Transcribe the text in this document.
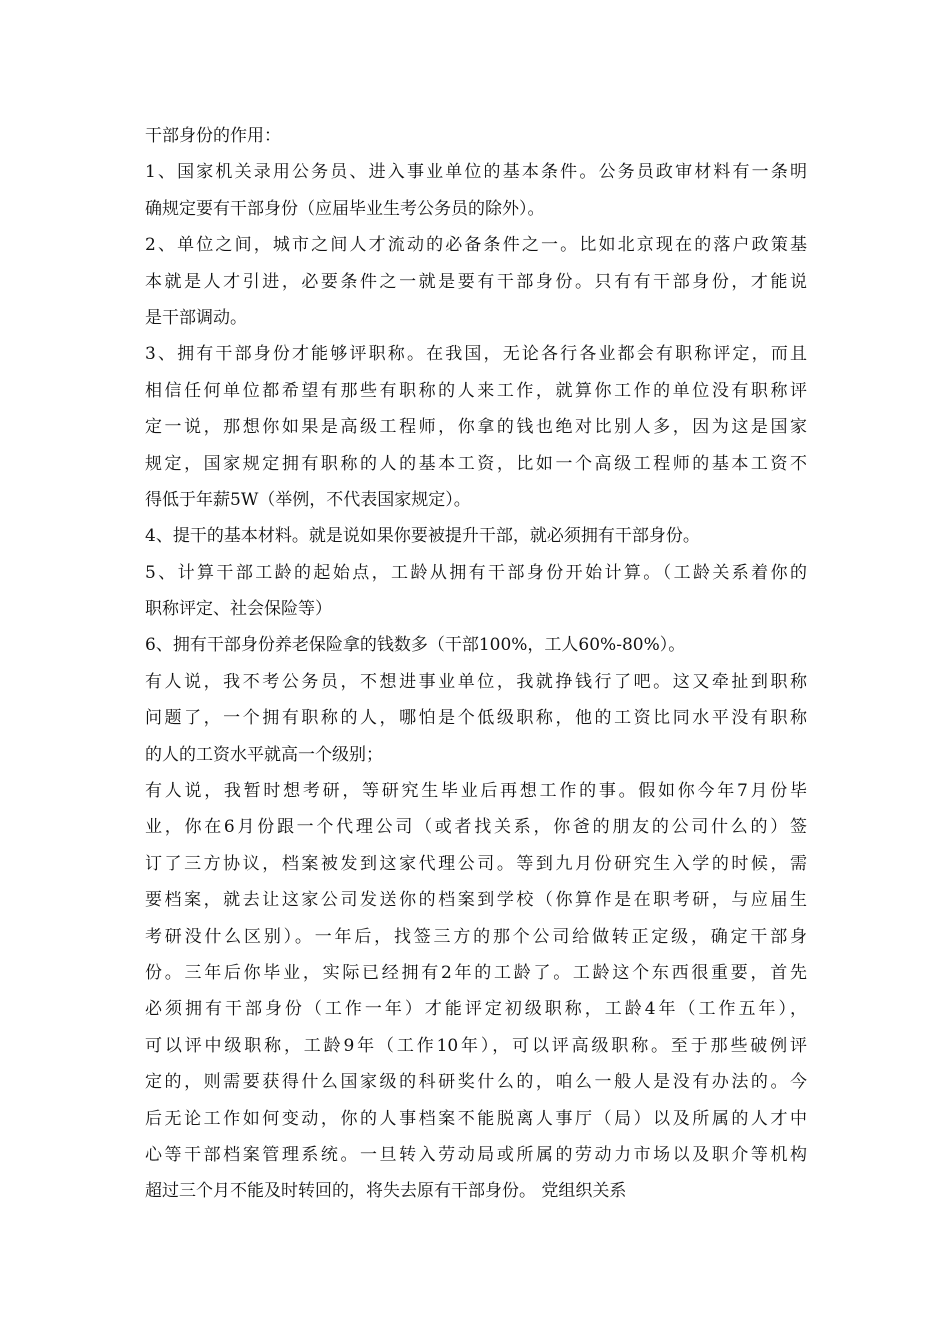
干部身份的作用：
1、国家机关录用公务员、进入事业单位的基本条件。公务员政审材料有一条明
确规定要有干部身份（应届毕业生考公务员的除外）。
2、单位之间，城市之间人才流动的必备条件之一。比如北京现在的落户政策基
本就是人才引进，必要条件之一就是要有干部身份。只有有干部身份，才能说
是干部调动。
3、拥有干部身份才能够评职称。在我国，无论各行各业都会有职称评定，而且
相信任何单位都希望有那些有职称的人来工作，就算你工作的单位没有职称评
定一说，那想你如果是高级工程师，你拿的钱也绝对比别人多，因为这是国家
规定，国家规定拥有职称的人的基本工资，比如一个高级工程师的基本工资不
得低于年薪5W（举例，不代表国家规定）。
4、提干的基本材料。就是说如果你要被提升干部，就必须拥有干部身份。
5、计算干部工龄的起始点，工龄从拥有干部身份开始计算。（工龄关系着你的
职称评定、社会保险等）
6、拥有干部身份养老保险拿的钱数多（干部100%，工人60%-80%）。
有人说，我不考公务员，不想进事业单位，我就挣钱行了吧。这又牵扯到职称
问题了，一个拥有职称的人，哪怕是个低级职称，他的工资比同水平没有职称
的人的工资水平就高一个级别；
有人说，我暂时想考研，等研究生毕业后再想工作的事。假如你今年7月份毕
业，你在6月份跟一个代理公司（或者找关系，你爸的朋友的公司什么的）签
订了三方协议，档案被发到这家代理公司。等到九月份研究生入学的时候，需
要档案，就去让这家公司发送你的档案到学校（你算作是在职考研，与应届生
考研没什么区别）。一年后，找签三方的那个公司给做转正定级，确定干部身
份。三年后你毕业，实际已经拥有2年的工龄了。工龄这个东西很重要，首先
必须拥有干部身份（工作一年）才能评定初级职称，工龄4年（工作五年），
可以评中级职称，工龄9年（工作10年），可以评高级职称。至于那些破例评
定的，则需要获得什么国家级的科研奖什么的，咱么一般人是没有办法的。今
后无论工作如何变动，你的人事档案不能脱离人事厅（局）以及所属的人才中
心等干部档案管理系统。一旦转入劳动局或所属的劳动力市场以及职介等机构
超过三个月不能及时转回的，将失去原有干部身份。 党组织关系
